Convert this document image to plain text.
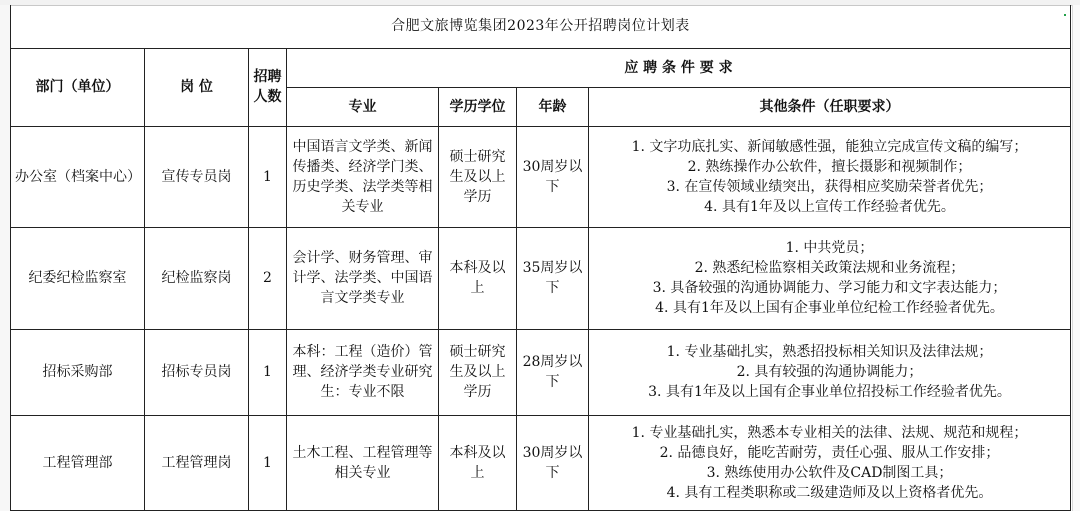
合肥文旅博览集团2023年公开招聘岗位计划表						
部门（单位）	岗 位	招聘人数	应 聘 条 件 要 求			
			专业	学历学位	年龄	其他条件（任职要求）
办公室（档案中心）	宣传专员岗	1	中国语言文学类、新闻传播类、经济学门类、历史学类、法学类等相关专业	硕士研究生及以上学历	30周岁以下	1. 文字功底扎实、新闻敏感性强，能独立完成宣传文稿的编写；
2. 熟练操作办公软件，擅长摄影和视频制作；
3. 在宣传领域业绩突出，获得相应奖励荣誉者优先；
4. 具有1年及以上宣传工作经验者优先。

纪委纪检监察室	纪检监察岗	2	会计学、财务管理、审计学、法学类、中国语言文学类专业	本科及以上	35周岁以下	1. 中共党员；
2. 熟悉纪检监察相关政策法规和业务流程；
3. 具备较强的沟通协调能力、学习能力和文字表达能力；
4. 具有1年及以上国有企事业单位纪检工作经验者优先。

招标采购部	招标专员岗	1	本科：工程（造价）管理、经济学类专业研究生：专业不限	硕士研究生及以上学历	28周岁以下	1. 专业基础扎实，熟悉招投标相关知识及法律法规；
2. 具有较强的沟通协调能力；
3. 具有1年及以上国有企事业单位招投标工作经验者优先。

工程管理部	工程管理岗	1	土木工程、工程管理等相关专业	本科及以上	30周岁以下	1. 专业基础扎实，熟悉本专业相关的法律、法规、规范和规程；
2. 品德良好，能吃苦耐劳，责任心强、服从工作安排；
3. 熟练使用办公软件及CAD制图工具；
4. 具有工程类职称或二级建造师及以上资格者优先。
